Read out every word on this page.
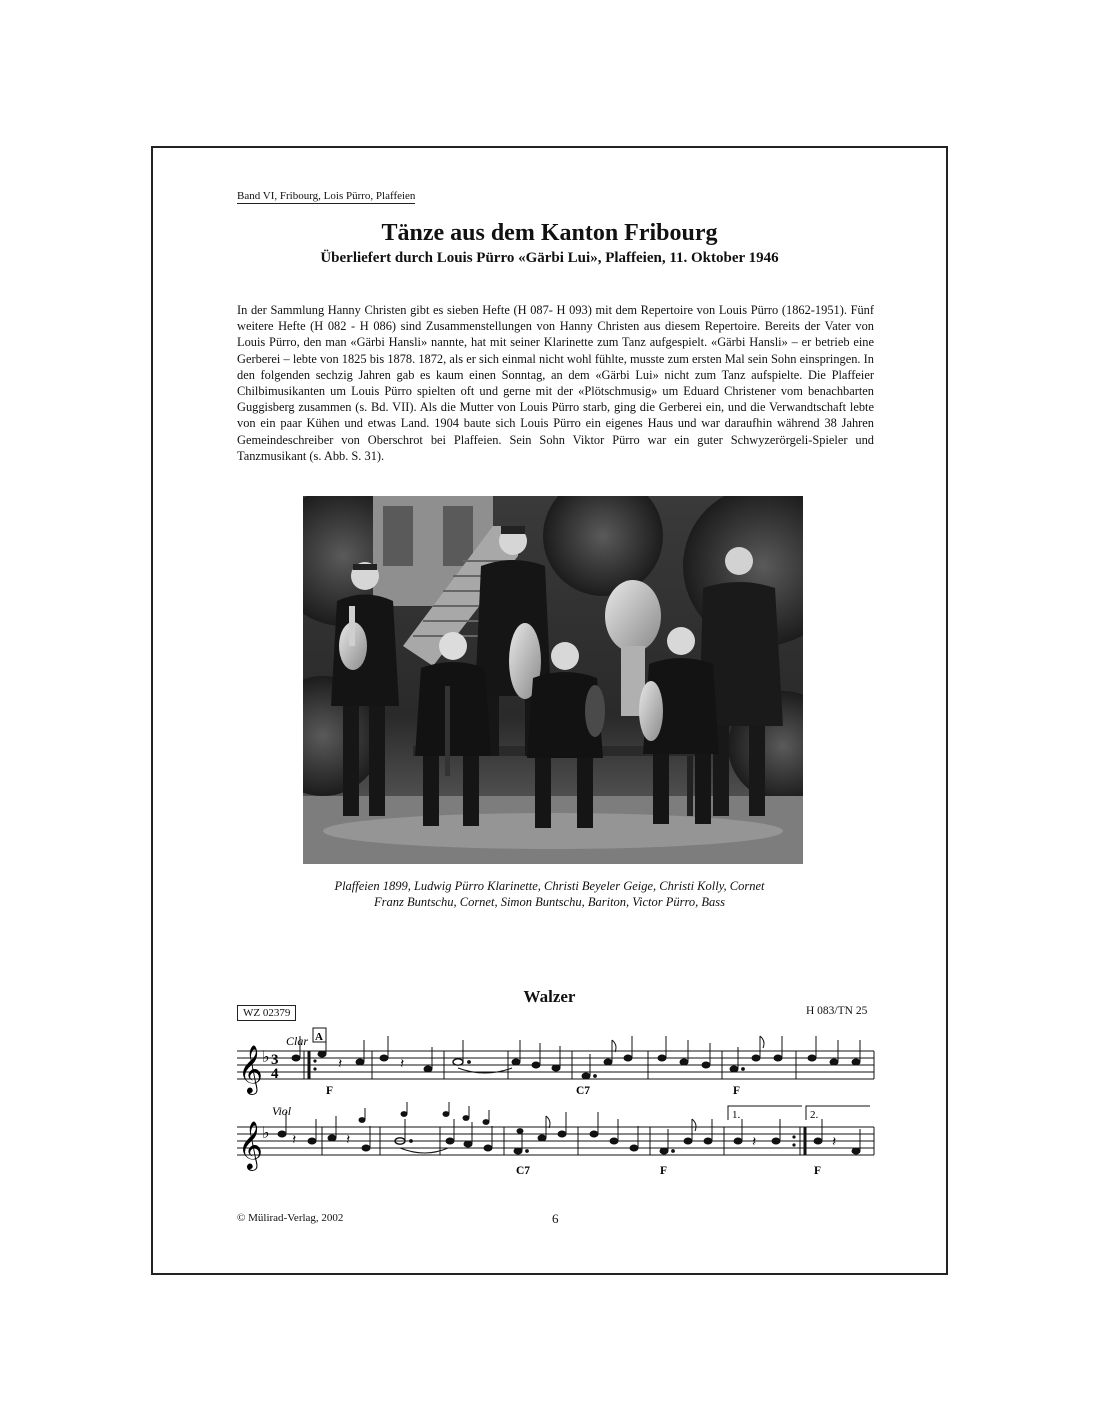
Band VI, Fribourg, Lois Pürro, Plaffeien
Tänze aus dem Kanton Fribourg
Überliefert durch Louis Pürro «Gärbi Lui», Plaffeien, 11. Oktober 1946

In der Sammlung Hanny Christen gibt es sieben Hefte (H 087- H 093) mit dem Repertoire von Louis Pürro (1862-1951). Fünf weitere Hefte (H 082 - H 086) sind Zusammenstellungen von Hanny Christen aus diesem Repertoire. Bereits der Vater von Louis Pürro, den man «Gärbi Hansli» nannte, hat mit seiner Klarinette zum Tanz aufgespielt. «Gärbi Hansli» – er betrieb eine Gerberei – lebte von 1825 bis 1878. 1872, als er sich einmal nicht wohl fühlte, musste zum ersten Mal sein Sohn einspringen. In den folgenden sechzig Jahren gab es kaum einen Sonntag, an dem «Gärbi Lui» nicht zum Tanz aufspielte. Die Plaffeier Chilbimusikanten um Louis Pürro spielten oft und gerne mit der «Plötschmusig» um Eduard Christener vom benachbarten Guggisberg zusammen (s. Bd. VII). Als die Mutter von Louis Pürro starb, ging die Gerberei ein, und die Verwandtschaft lebte von ein paar Kühen und etwas Land. 1904 baute sich Louis Pürro ein eigenes Haus und war daraufhin während 38 Jahren Gemeindeschreiber von Oberschrot bei Plaffeien. Sein Sohn Viktor Pürro war ein guter Schwyzerörgeli-Spieler und Tanzmusikant (s. Abb. S. 31).

Plaffeien 1899, Ludwig Pürro Klarinette, Christi Beyeler Geige, Christi Kolly, Cornet
Franz Buntschu, Cornet, Simon Buntschu, Bariton, Victor Pürro, Bass
Walzer
WZ 02379	H 083/TN 25
𝄞 ♭
𝄞 ♭
3
4
Clar
Viol
A
𝄽	𝄽
F	C7	F
𝄽	𝄽	𝄽	𝄽
1.	2.
C7	F	F
© Mülirad-Verlag, 2002	6
